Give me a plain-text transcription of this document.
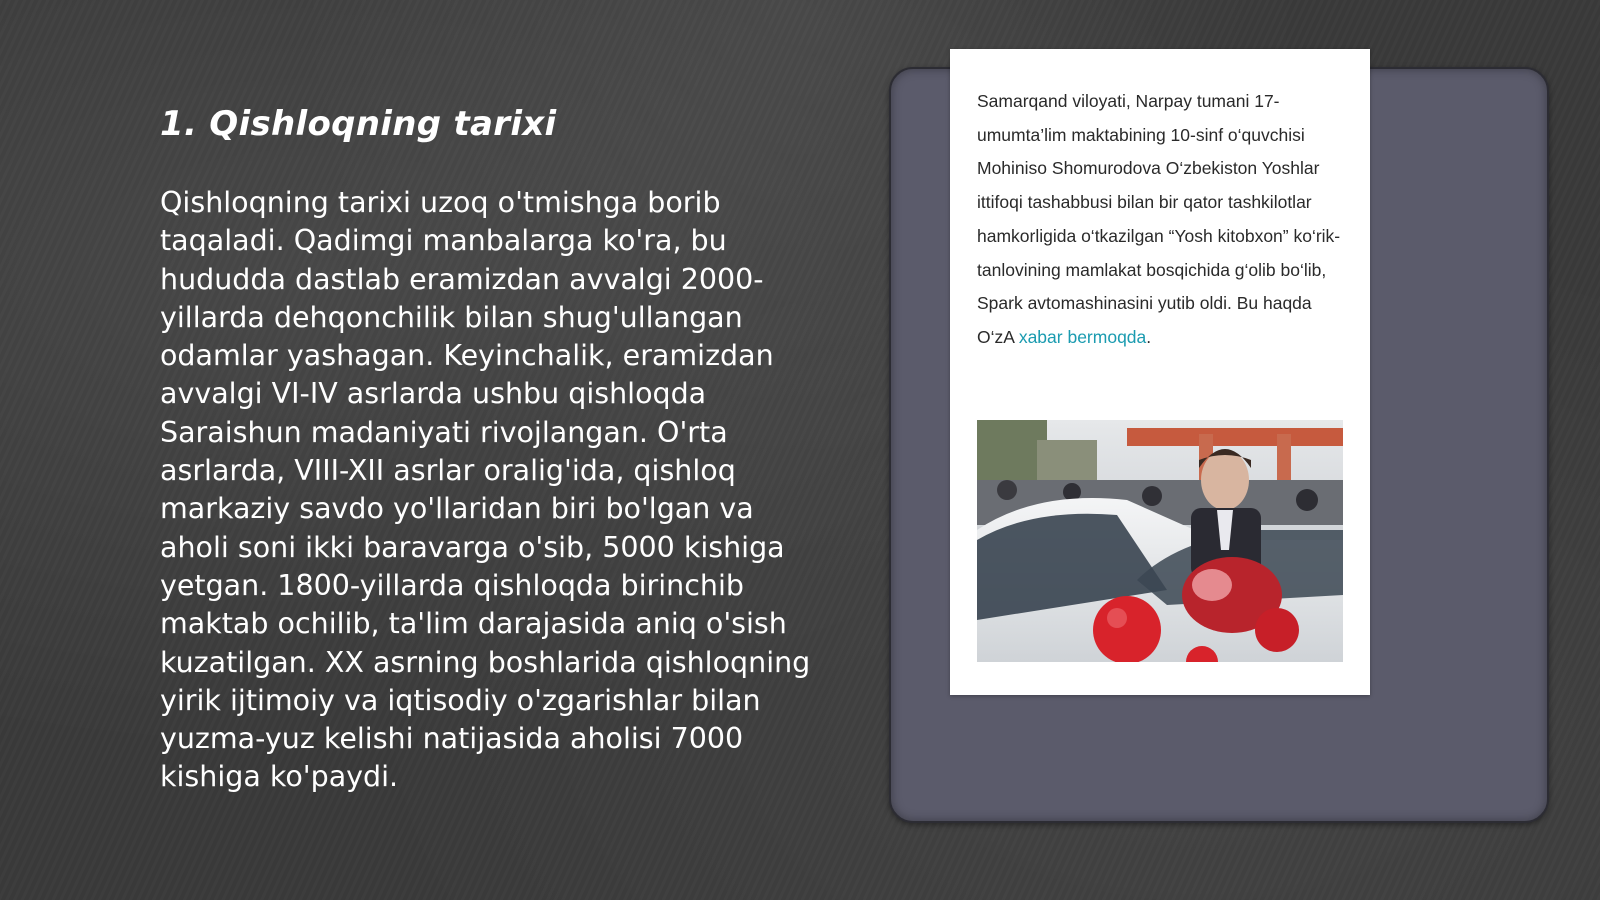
1. Qishloqning tarixi

Qishloqning tarixi uzoq o'tmishga borib taqaladi. Qadimgi manbalarga ko'ra, bu hududda dastlab eramizdan avvalgi 2000-yillarda dehqonchilik bilan shug'ullangan odamlar yashagan. Keyinchalik, eramizdan avvalgi VI-IV asrlarda ushbu qishloqda Saraishun madaniyati rivojlangan. O'rta asrlarda, VIII-XII asrlar oralig'ida, qishloq markaziy savdo yo'llaridan biri bo'lgan va aholi soni ikki baravarga o'sib, 5000 kishiga yetgan. 1800-yillarda qishloqda birinchib maktab ochilib, ta'lim darajasida aniq o'sish kuzatilgan. XX asrning boshlarida qishloqning yirik ijtimoiy va iqtisodiy o'zgarishlar bilan yuzma-yuz kelishi natijasida aholisi 7000 kishiga ko'paydi.

Samarqand viloyati, Narpay tumani 17-umumta’lim maktabining 10-sinf o‘quvchisi Mohiniso Shomurodova O‘zbekiston Yoshlar ittifoqi tashabbusi bilan bir qator tashkilotlar hamkorligida o‘tkazilgan “Yosh kitobxon” ko‘rik-tanlovining mamlakat bosqichida g‘olib bo‘lib, Spark avtomashinasini yutib oldi. Bu haqda O‘zA xabar bermoqda.
